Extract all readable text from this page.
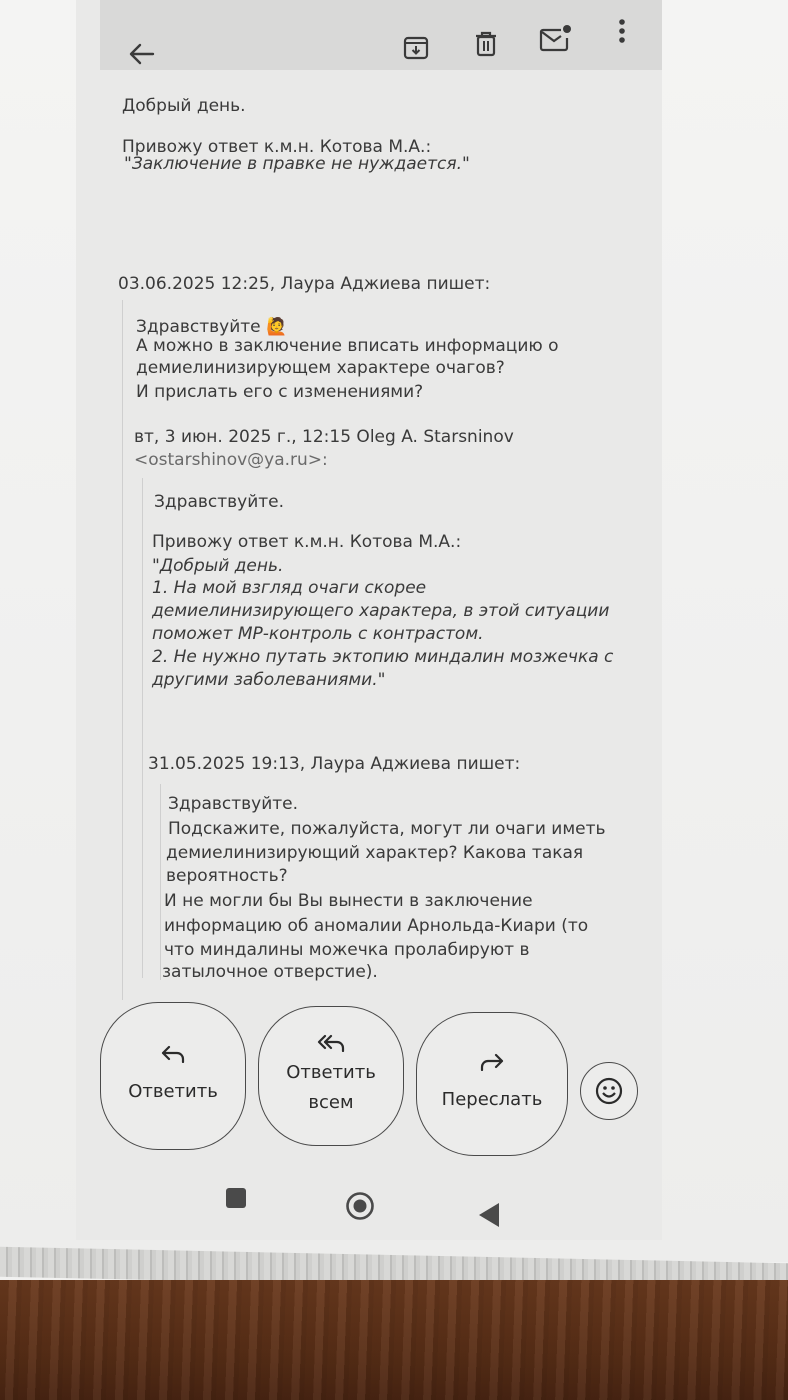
Добрый день.
Привожу ответ к.м.н. Котова М.А.:
"Заключение в правке не нуждается."
03.06.2025 12:25, Лаура Аджиева пишет:
Здравствуйте 🙋
А можно в заключение вписать информацию о
демиелинизирующем характере очагов?
И прислать его с изменениями?
вт, 3 июн. 2025 г., 12:15 Oleg A. Starsninov
<ostarshinov@ya.ru>:
Здравствуйте.
Привожу ответ к.м.н. Котова М.А.:
"Добрый день.
1. На мой взгляд очаги скорее
демиелинизирующего характера, в этой ситуации
поможет МР-контроль с контрастом.
2. Не нужно путать эктопию миндалин мозжечка с
другими заболеваниями."
31.05.2025 19:13, Лаура Аджиева пишет:
Здравствуйте.
Подскажите, пожалуйста, могут ли очаги иметь
демиелинизирующий характер? Какова такая
вероятность?
И не могли бы Вы вынести в заключение
информацию об аномалии Арнольда-Киари (то
что миндалины можечка пролабируют в
затылочное отверстие).
Ответить
Ответить
всем	Переслать
